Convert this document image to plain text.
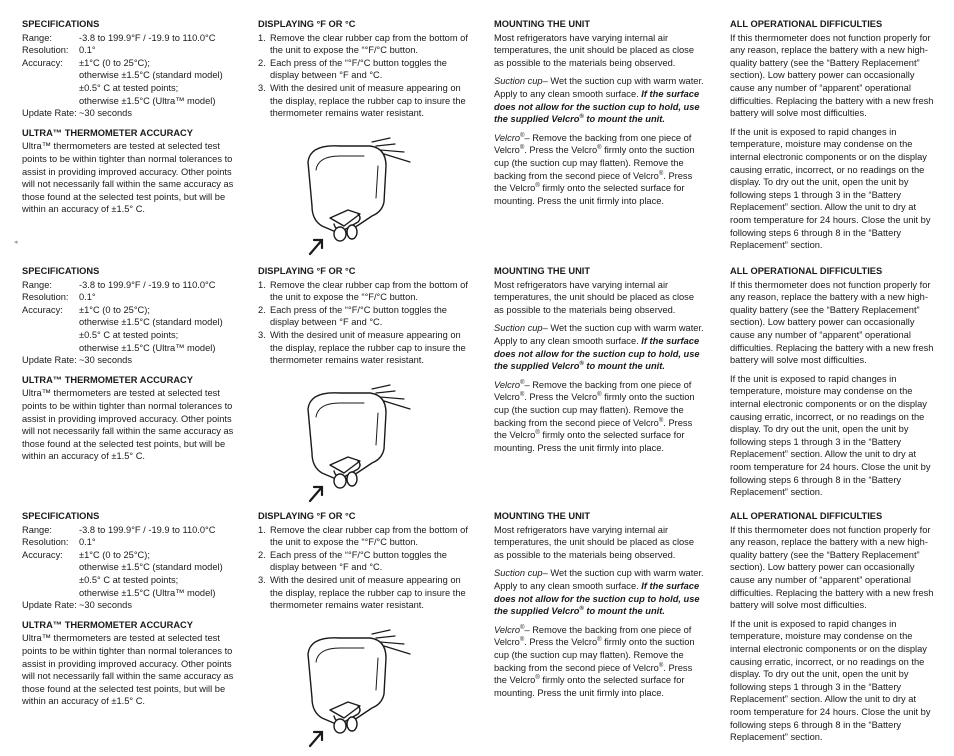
SPECIFICATIONS
Range:	-3.8 to 199.9°F / -19.9 to 110.0°C
Resolution:	0.1°
Accuracy:	±1°C (0 to 25°C);
otherwise ±1.5°C (standard model)
±0.5° C at tested points;
otherwise ±1.5°C (Ultra™ model)
Update Rate: ~30 seconds
ULTRA™ THERMOMETER ACCURACY

Ultra™ thermometers are tested at selected test points to be within tighter than normal tolerances to assist in providing improved accuracy. Other points will not necessarily fall within the same accuracy as those found at the selected test points, but will be within an accuracy of ±1.5° C.

DISPLAYING °F OR °C
1. Remove the clear rubber cap from the bottom of the unit to expose the “°F/°C button.
2. Each press of the “°F/°C button toggles the display between °F and °C.
3. With the desired unit of measure appearing on the display, replace the rubber cap to insure the thermometer remains water resistant.
MOUNTING THE UNIT

Most refrigerators have varying internal air temperatures, the unit should be placed as close as possible to the materials being observed.

Suction cup– Wet the suction cup with warm water. Apply to any clean smooth surface. If the surface does not allow for the suction cup to hold, use the supplied Velcro® to mount the unit.

Velcro®– Remove the backing from one piece of Velcro®. Press the Velcro® firmly onto the suction cup (the suction cup may flatten). Remove the backing from the second piece of Velcro®. Press the Velcro® firmly onto the selected surface for mounting. Press the unit firmly into place.

ALL OPERATIONAL DIFFICULTIES

If this thermometer does not function properly for any reason, replace the battery with a new high-quality battery (see the “Battery Replacement” section). Low battery power can occasionally cause any number of “apparent” operational difficulties. Replacing the battery with a new fresh battery will solve most difficulties.

If the unit is exposed to rapid changes in temperature, moisture may condense on the internal electronic components or on the display causing erratic, incorrect, or no readings on the display. To dry out the unit, open the unit by following steps 1 through 3 in the “Battery Replacement” section. Allow the unit to dry at room temperature for 24 hours. Close the unit by following steps 6 through 8 in the “Battery Replacement” section.

SPECIFICATIONS
Range:	-3.8 to 199.9°F / -19.9 to 110.0°C
Resolution:	0.1°
Accuracy:	±1°C (0 to 25°C);
otherwise ±1.5°C (standard model)
±0.5° C at tested points;
otherwise ±1.5°C (Ultra™ model)
Update Rate: ~30 seconds
ULTRA™ THERMOMETER ACCURACY

Ultra™ thermometers are tested at selected test points to be within tighter than normal tolerances to assist in providing improved accuracy. Other points will not necessarily fall within the same accuracy as those found at the selected test points, but will be within an accuracy of ±1.5° C.

DISPLAYING °F OR °C
1. Remove the clear rubber cap from the bottom of the unit to expose the “°F/°C button.
2. Each press of the “°F/°C button toggles the display between °F and °C.
3. With the desired unit of measure appearing on the display, replace the rubber cap to insure the thermometer remains water resistant.
MOUNTING THE UNIT

Most refrigerators have varying internal air temperatures, the unit should be placed as close as possible to the materials being observed.

Suction cup– Wet the suction cup with warm water. Apply to any clean smooth surface. If the surface does not allow for the suction cup to hold, use the supplied Velcro® to mount the unit.

Velcro®– Remove the backing from one piece of Velcro®. Press the Velcro® firmly onto the suction cup (the suction cup may flatten). Remove the backing from the second piece of Velcro®. Press the Velcro® firmly onto the selected surface for mounting. Press the unit firmly into place.

ALL OPERATIONAL DIFFICULTIES

If this thermometer does not function properly for any reason, replace the battery with a new high-quality battery (see the “Battery Replacement” section). Low battery power can occasionally cause any number of “apparent” operational difficulties. Replacing the battery with a new fresh battery will solve most difficulties.

If the unit is exposed to rapid changes in temperature, moisture may condense on the internal electronic components or on the display causing erratic, incorrect, or no readings on the display. To dry out the unit, open the unit by following steps 1 through 3 in the “Battery Replacement” section. Allow the unit to dry at room temperature for 24 hours. Close the unit by following steps 6 through 8 in the “Battery Replacement” section.

SPECIFICATIONS
Range:	-3.8 to 199.9°F / -19.9 to 110.0°C
Resolution:	0.1°
Accuracy:	±1°C (0 to 25°C);
otherwise ±1.5°C (standard model)
±0.5° C at tested points;
otherwise ±1.5°C (Ultra™ model)
Update Rate: ~30 seconds
ULTRA™ THERMOMETER ACCURACY

Ultra™ thermometers are tested at selected test points to be within tighter than normal tolerances to assist in providing improved accuracy. Other points will not necessarily fall within the same accuracy as those found at the selected test points, but will be within an accuracy of ±1.5° C.

DISPLAYING °F OR °C
1. Remove the clear rubber cap from the bottom of the unit to expose the “°F/°C button.
2. Each press of the “°F/°C button toggles the display between °F and °C.
3. With the desired unit of measure appearing on the display, replace the rubber cap to insure the thermometer remains water resistant.
MOUNTING THE UNIT

Most refrigerators have varying internal air temperatures, the unit should be placed as close as possible to the materials being observed.

Suction cup– Wet the suction cup with warm water. Apply to any clean smooth surface. If the surface does not allow for the suction cup to hold, use the supplied Velcro® to mount the unit.

Velcro®– Remove the backing from one piece of Velcro®. Press the Velcro® firmly onto the suction cup (the suction cup may flatten). Remove the backing from the second piece of Velcro®. Press the Velcro® firmly onto the selected surface for mounting. Press the unit firmly into place.

ALL OPERATIONAL DIFFICULTIES

If this thermometer does not function properly for any reason, replace the battery with a new high-quality battery (see the “Battery Replacement” section). Low battery power can occasionally cause any number of “apparent” operational difficulties. Replacing the battery with a new fresh battery will solve most difficulties.

If the unit is exposed to rapid changes in temperature, moisture may condense on the internal electronic components or on the display causing erratic, incorrect, or no readings on the display. To dry out the unit, open the unit by following steps 1 through 3 in the “Battery Replacement” section. Allow the unit to dry at room temperature for 24 hours. Close the unit by following steps 6 through 8 in the “Battery Replacement” section.

◂
